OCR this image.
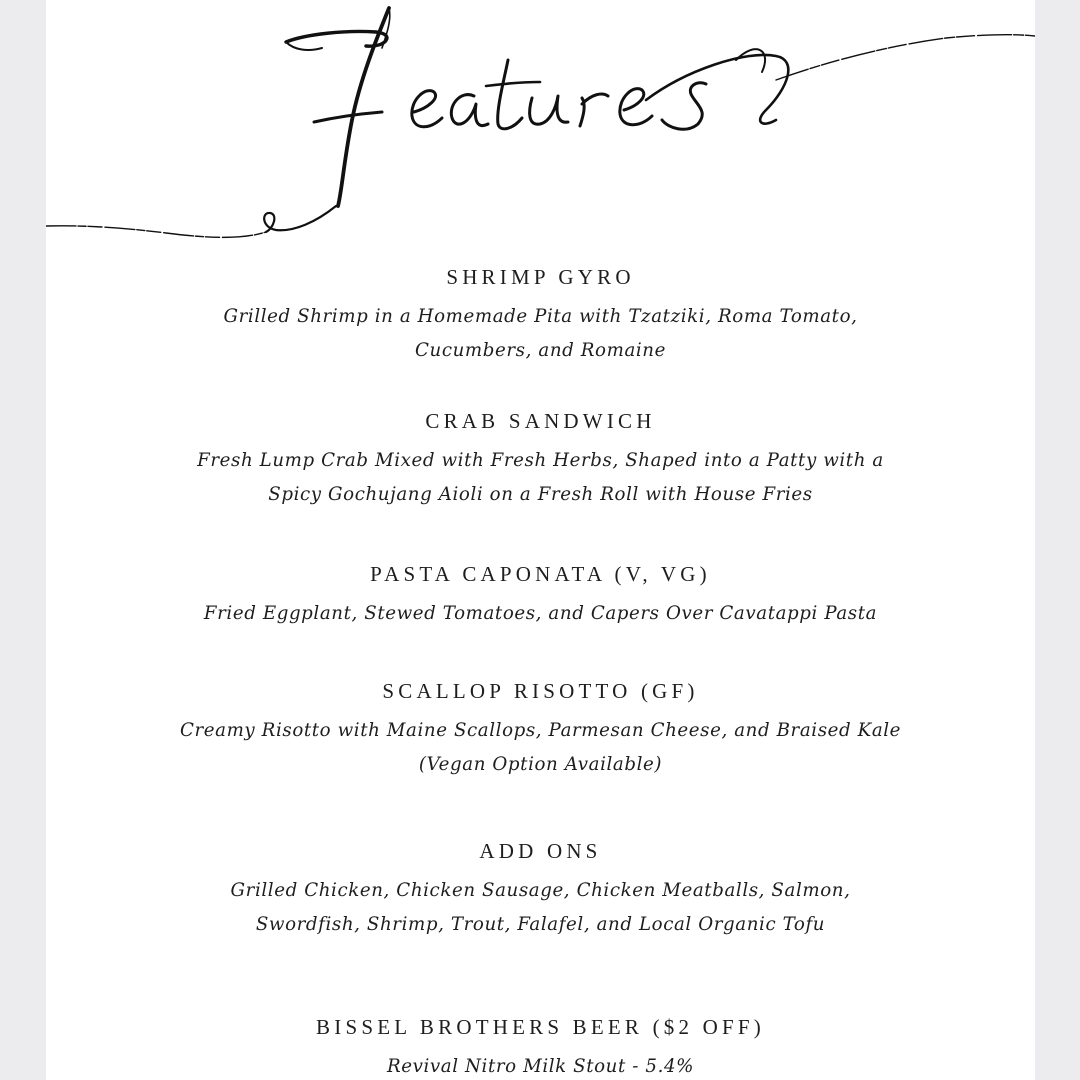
SHRIMP GYRO

Grilled Shrimp in a Homemade Pita with Tzatziki, Roma Tomato,
Cucumbers, and Romaine

CRAB SANDWICH

Fresh Lump Crab Mixed with Fresh Herbs, Shaped into a Patty with a
Spicy Gochujang Aioli on a Fresh Roll with House Fries

PASTA CAPONATA (V, VG)

Fried Eggplant, Stewed Tomatoes, and Capers Over Cavatappi Pasta

SCALLOP RISOTTO (GF)

Creamy Risotto with Maine Scallops, Parmesan Cheese, and Braised Kale
(Vegan Option Available)

ADD ONS

Grilled Chicken, Chicken Sausage, Chicken Meatballs, Salmon,
Swordfish, Shrimp, Trout, Falafel, and Local Organic Tofu

BISSEL BROTHERS BEER ($2 OFF)

Revival Nitro Milk Stout - 5.4%
